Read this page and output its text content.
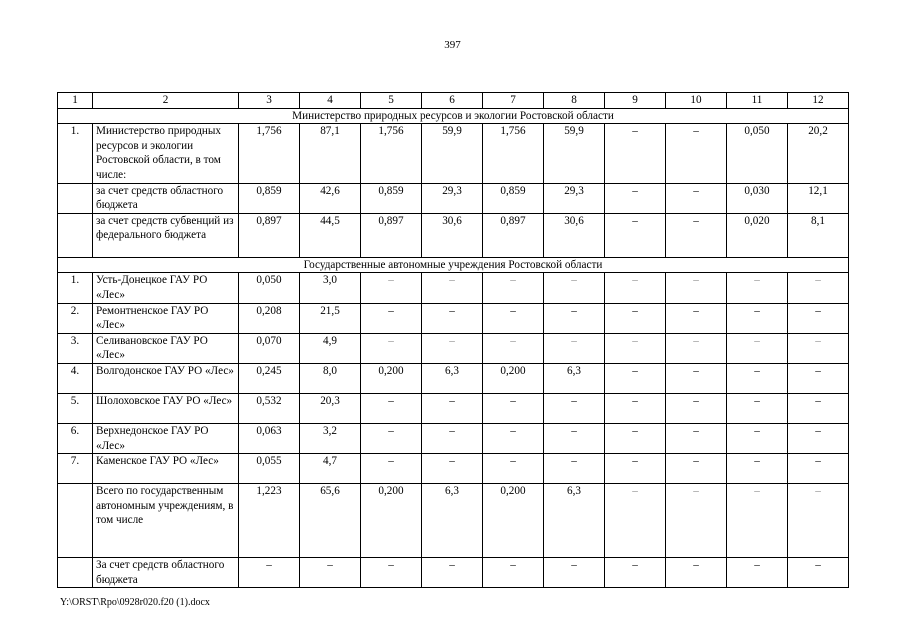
397
1	2	3	4	5	6	7	8	9	10	11	12
Министерство природных ресурсов и экологии Ростовской области											
1.	Министерство природных ресурсов и экологии Ростовской области, в том числе:	1,756	87,1	1,756	59,9	1,756	59,9	–	–	0,050	20,2
	за счет средств областного бюджета	0,859	42,6	0,859	29,3	0,859	29,3	–	–	0,030	12,1
	за счет средств субвенций из федерального бюджета	0,897	44,5	0,897	30,6	0,897	30,6	–	–	0,020	8,1
Государственные автономные учреждения Ростовской области											
1.	Усть-Донецкое ГАУ РО «Лес»	0,050	3,0	–	–	–	–	–	–	–	–
2.	Ремонтненское ГАУ РО «Лес»	0,208	21,5	–	–	–	–	–	–	–	–
3.	Селивановское ГАУ РО «Лес»	0,070	4,9	–	–	–	–	–	–	–	–
4.	Волгодонское ГАУ РО «Лес»	0,245	8,0	0,200	6,3	0,200	6,3	–	–	–	–
5.	Шолоховское ГАУ РО «Лес»	0,532	20,3	–	–	–	–	–	–	–	–
6.	Верхнедонское ГАУ РО «Лес»	0,063	3,2	–	–	–	–	–	–	–	–
7.	Каменское ГАУ РО «Лес»	0,055	4,7	–	–	–	–	–	–	–	–
	Всего по государственным автономным учреждениям, в том числе	1,223	65,6	0,200	6,3	0,200	6,3	–	–	–	–
	За счет средств областного бюджета	–	–	–	–	–	–	–	–	–	–
Y:\ORST\Rpo\0928r020.f20 (1).docx
